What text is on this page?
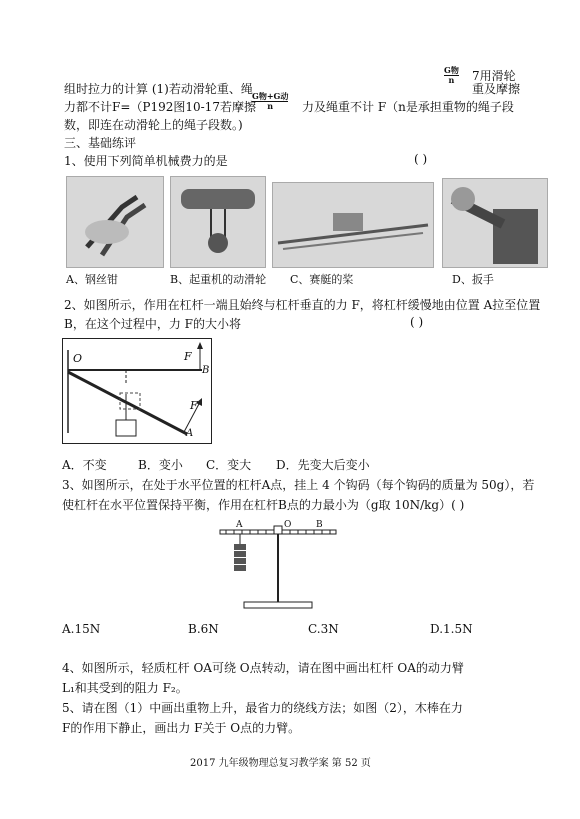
G物
n	7用滑轮
组时拉力的计算 (1)若动滑轮重、绳	重及摩擦
力都不计F=（P192图10-17若摩擦
G物+G动
n	力及绳重不计 F（n是承担重物的绳子段
数，即连在动滑轮上的绳子段数。)
三、基础练评
1、使用下列简单机械费力的是	( )
A、钢丝钳	B、起重机的动滑轮 C、赛艇的桨	D、扳手
2、如图所示，作用在杠杆一端且始终与杠杆垂直的力 F，将杠杆缓慢地由位置 A拉至位置
B，在这个过程中，力 F的大小将	( )
O	F
B
F
A
A．不变	B．变小 C．变大 D．先变大后变小
3、如图所示，在处于水平位置的杠杆A点，挂上 4 个钩码（每个钩码的质量为 50g），若
使杠杆在水平位置保持平衡，作用在杠杆B点的力最小为（g取 10N/kg）( )
A	O	B
A.15N	B.6N	C.3N	D.1.5N
4、如图所示，轻质杠杆 OA可绕 O点转动，请在图中画出杠杆 OA的动力臂
L₁和其受到的阻力 F₂。
5、请在图（1）中画出重物上升，最省力的绕线方法；如图（2），木棒在力
F的作用下静止，画出力 F关于 O点的力臂。
2017 九年级物理总复习教学案 第 52 页
